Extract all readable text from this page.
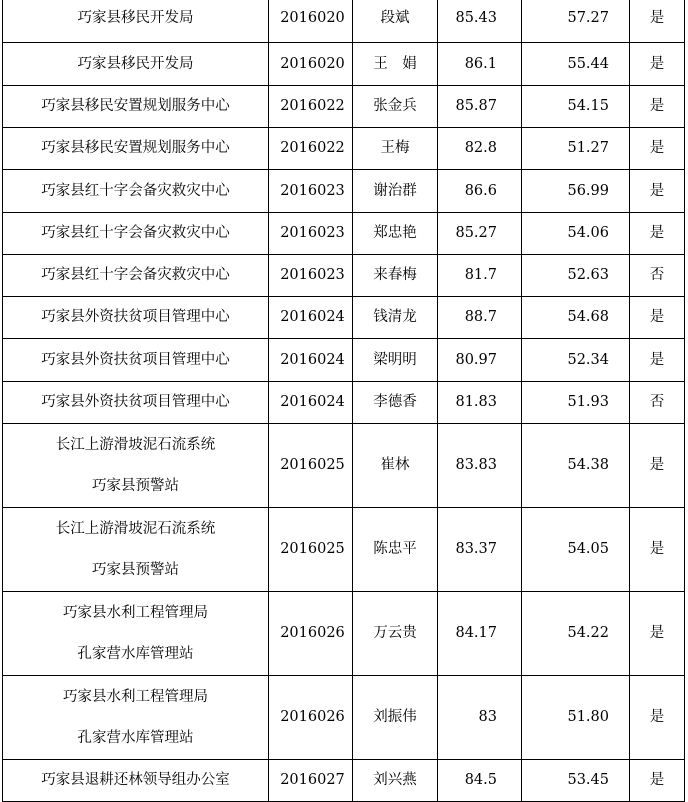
巧家县移民开发局	2016020	段斌	85.43	57.27	是

巧家县移民开发局	2016020	王　娟	86.1	55.44	是

巧家县移民安置规划服务中心	2016022	张金兵	85.87	54.15	是

巧家县移民安置规划服务中心	2016022	王梅	82.8	51.27	是

巧家县红十字会备灾救灾中心	2016023	谢治群	86.6	56.99	是

巧家县红十字会备灾救灾中心	2016023	郑忠艳	85.27	54.06	是

巧家县红十字会备灾救灾中心	2016023	来春梅	81.7	52.63	否

巧家县外资扶贫项目管理中心	2016024	钱清龙	88.7	54.68	是

巧家县外资扶贫项目管理中心	2016024	梁明明	80.97	52.34	是

巧家县外资扶贫项目管理中心	2016024	李德香	81.83	51.93	否

长江上游滑坡泥石流系统
巧家县预警站	2016025	崔林	83.83	54.38	是

长江上游滑坡泥石流系统
巧家县预警站	2016025	陈忠平	83.37	54.05	是

巧家县水利工程管理局
孔家营水库管理站	2016026	万云贵	84.17	54.22	是

巧家县水利工程管理局
孔家营水库管理站	2016026	刘振伟	83	51.80	是

巧家县退耕还林领导组办公室	2016027	刘兴燕	84.5	53.45	是
